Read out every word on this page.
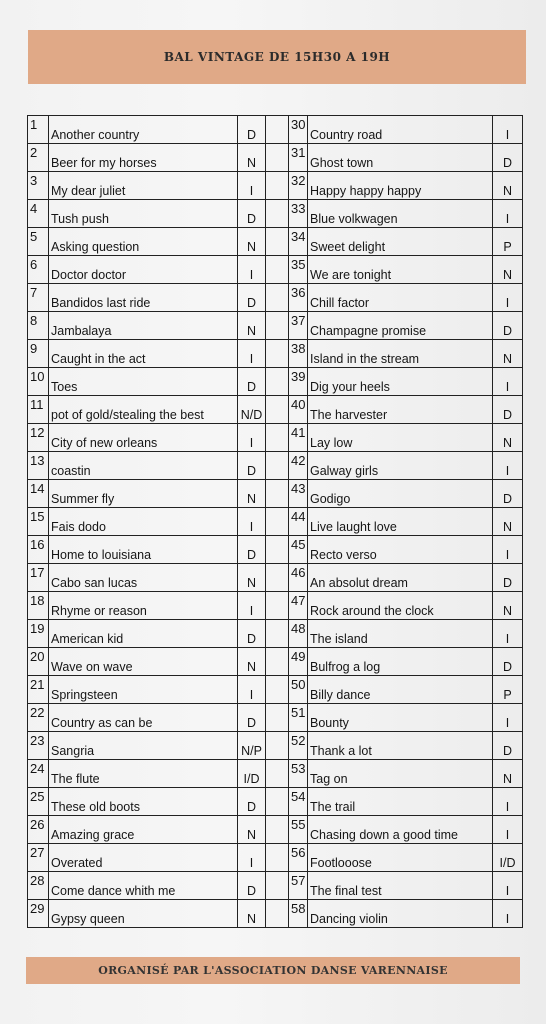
BAL VINTAGE DE 15H30 A 19H
1	Another country	D		30	Country road	I
2	Beer for my horses	N		31	Ghost town	D
3	My dear juliet	I		32	Happy happy happy	N
4	Tush push	D		33	Blue volkwagen	I
5	Asking question	N		34	Sweet delight	P
6	Doctor doctor	I		35	We are tonight	N
7	Bandidos last ride	D		36	Chill factor	I
8	Jambalaya	N		37	Champagne promise	D
9	Caught in the act	I		38	Island in the stream	N
10	Toes	D		39	Dig your heels	I
11	pot of gold/stealing the best	N/D		40	The harvester	D
12	City of new orleans	I		41	Lay low	N
13	coastin	D		42	Galway girls	I
14	Summer fly	N		43	Godigo	D
15	Fais dodo	I		44	Live laught love	N
16	Home to louisiana	D		45	Recto verso	I
17	Cabo san lucas	N		46	An absolut dream	D
18	Rhyme or reason	I		47	Rock around the clock	N
19	American kid	D		48	The island	I
20	Wave on wave	N		49	Bulfrog a log	D
21	Springsteen	I		50	Billy dance	P
22	Country as can be	D		51	Bounty	I
23	Sangria	N/P		52	Thank a lot	D
24	The flute	I/D		53	Tag on	N
25	These old boots	D		54	The trail	I
26	Amazing grace	N		55	Chasing down a good time	I
27	Overated	I		56	Footlooose	I/D
28	Come dance whith me	D		57	The final test	I
29	Gypsy queen	N		58	Dancing violin	I
ORGANISÉ PAR L'ASSOCIATION DANSE VARENNAISE
